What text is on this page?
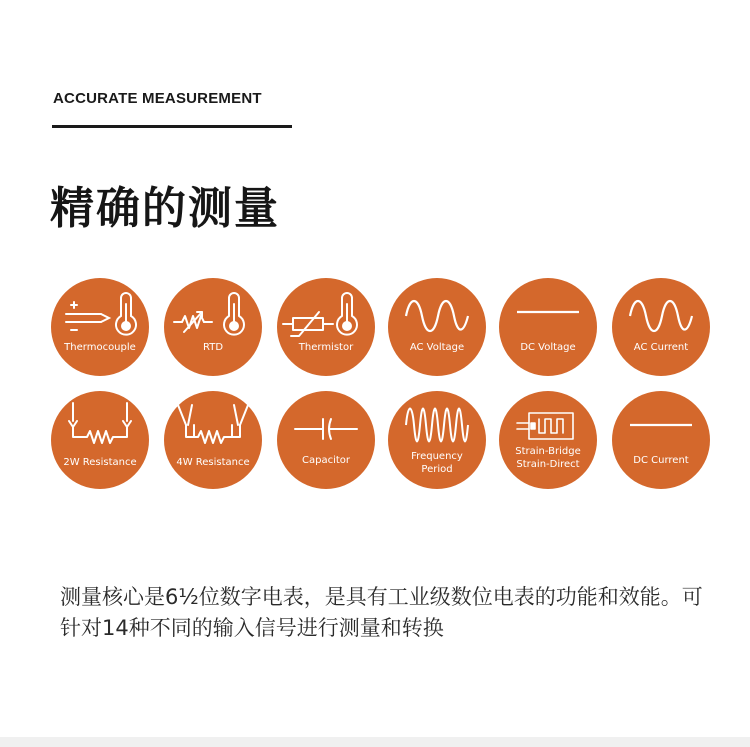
ACCURATE MEASUREMENT
精确的测量
Thermocouple	RTD	Thermistor	AC Voltage	DC Voltage	AC Current
2W Resistance	4W Resistance	Capacitor	Frequency
Period
Strain-Bridge
Strain-Direct	DC Current
测量核心是6½位数字电表，是具有工业级数位电表的功能和效能。可针对14种不同的输入信号进行测量和转换
